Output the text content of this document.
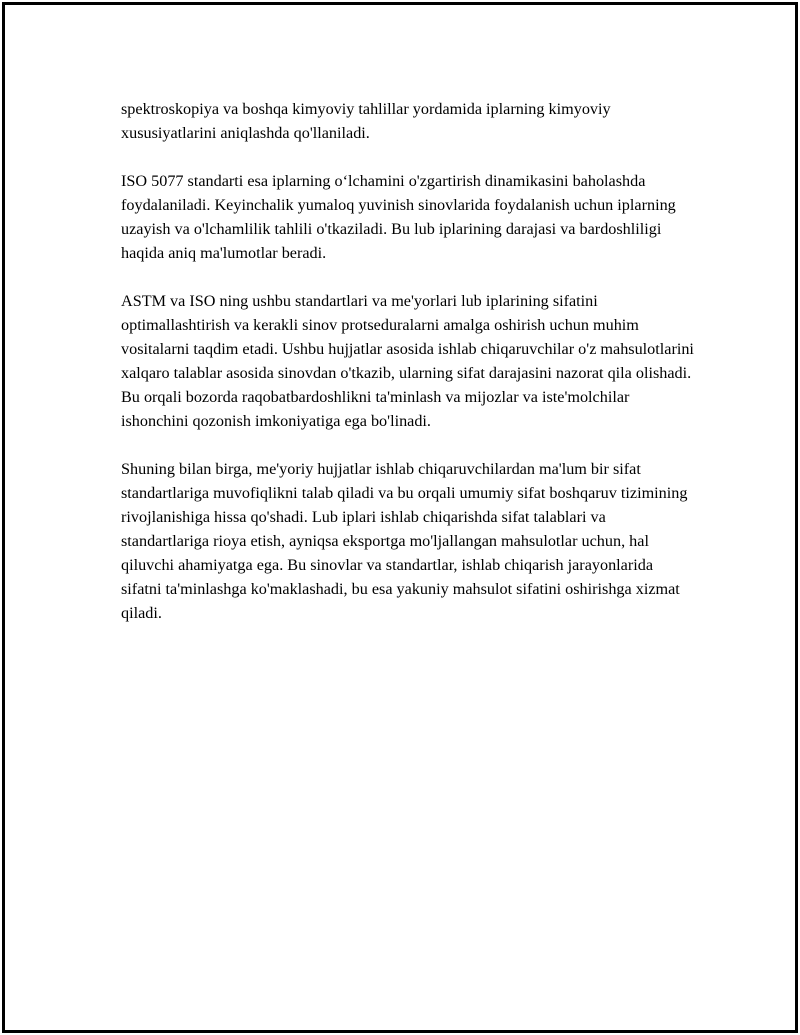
spektroskopiya va boshqa kimyoviy tahlillar yordamida iplarning kimyoviy xususiyatlarini aniqlashda qo'llaniladi.

ISO 5077 standarti esa iplarning o‘lchamini o'zgartirish dinamikasini baholashda foydalaniladi. Keyinchalik yumaloq yuvinish sinovlarida foydalanish uchun iplarning uzayish va o'lchamlilik tahlili o'tkaziladi. Bu lub iplarining darajasi va bardoshliligi haqida aniq ma'lumotlar beradi.

ASTM va ISO ning ushbu standartlari va me'yorlari lub iplarining sifatini optimallashtirish va kerakli sinov protseduralarni amalga oshirish uchun muhim vositalarni taqdim etadi. Ushbu hujjatlar asosida ishlab chiqaruvchilar o'z mahsulotlarini xalqaro talablar asosida sinovdan o'tkazib, ularning sifat darajasini nazorat qila olishadi. Bu orqali bozorda raqobatbardoshlikni ta'minlash va mijozlar va iste'molchilar ishonchini qozonish imkoniyatiga ega bo'linadi.

Shuning bilan birga, me'yoriy hujjatlar ishlab chiqaruvchilardan ma'lum bir sifat standartlariga muvofiqlikni talab qiladi va bu orqali umumiy sifat boshqaruv tizimining rivojlanishiga hissa qo'shadi. Lub iplari ishlab chiqarishda sifat talablari va standartlariga rioya etish, ayniqsa eksportga mo'ljallangan mahsulotlar uchun, hal qiluvchi ahamiyatga ega. Bu sinovlar va standartlar, ishlab chiqarish jarayonlarida sifatni ta'minlashga ko'maklashadi, bu esa yakuniy mahsulot sifatini oshirishga xizmat qiladi.
